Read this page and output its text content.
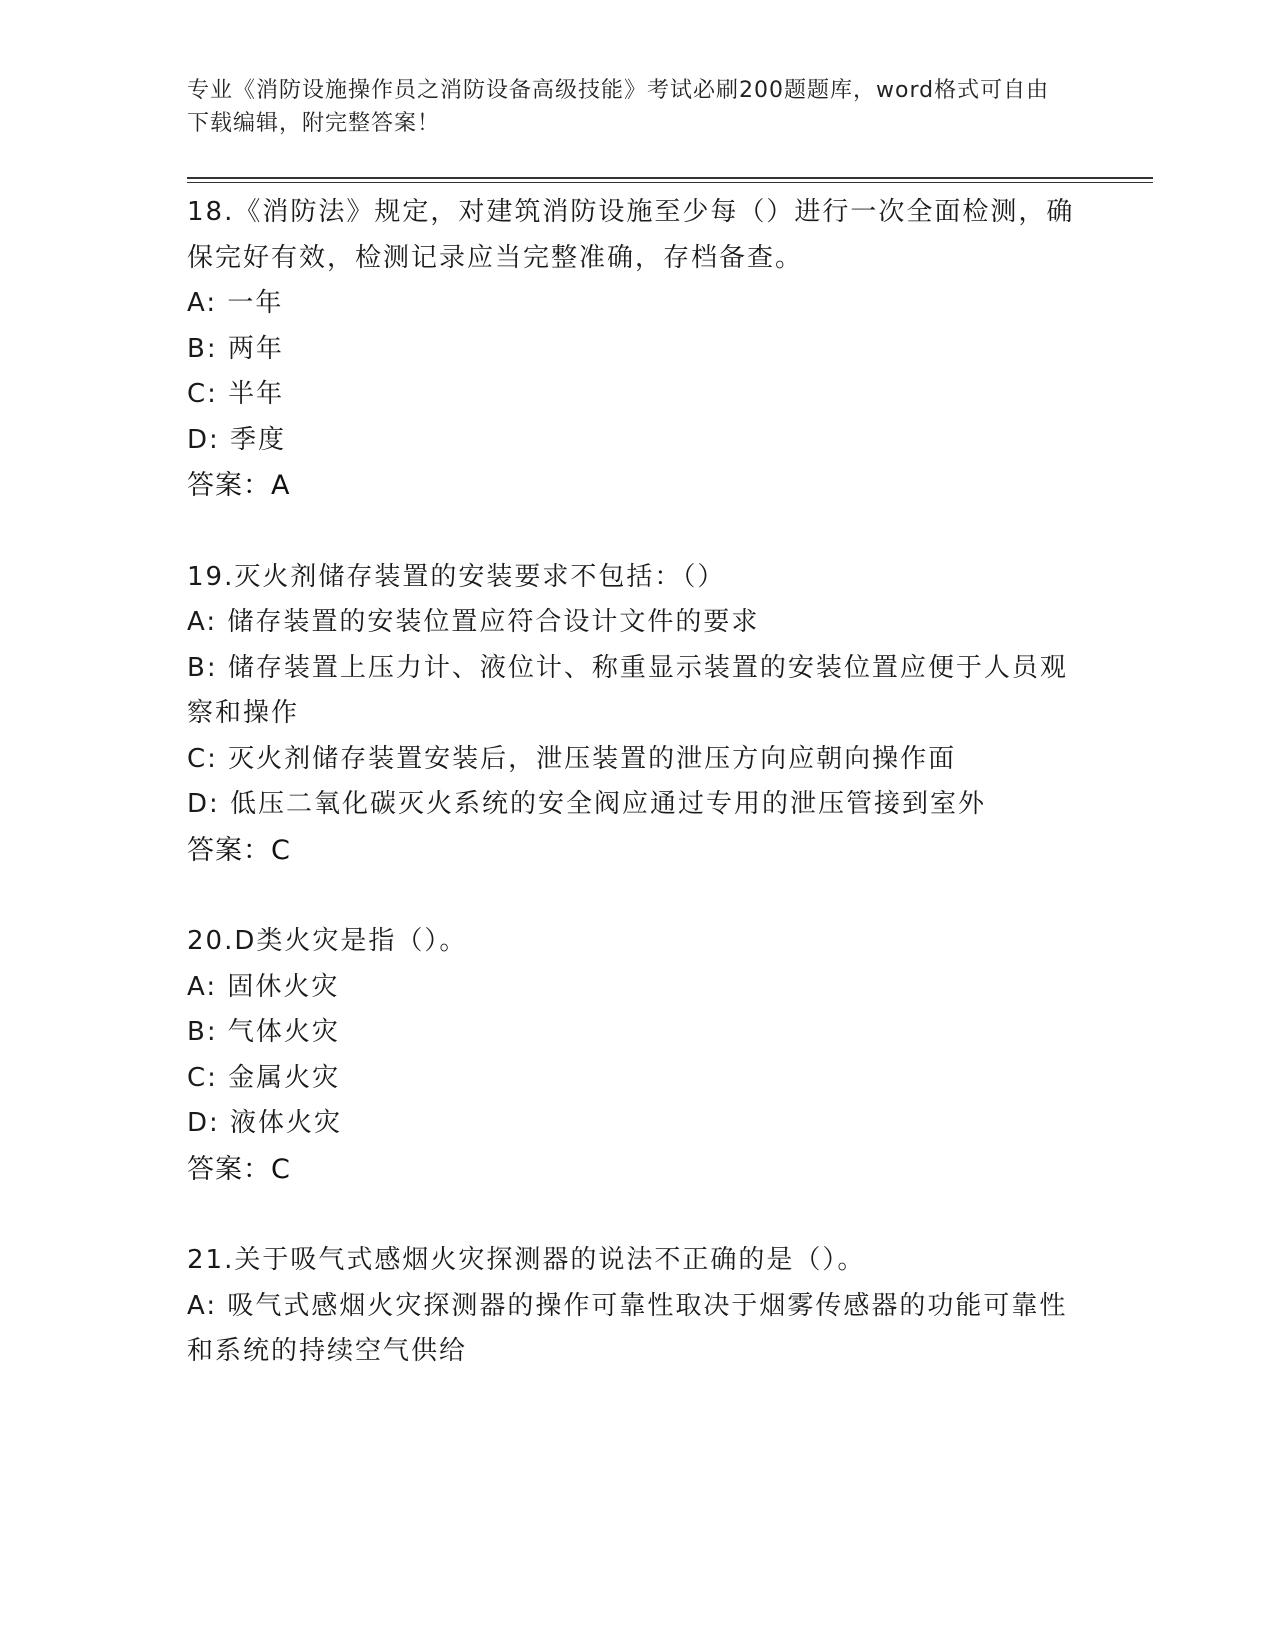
专业《消防设施操作员之消防设备高级技能》考试必刷200题题库，word格式可自由下载编辑，附完整答案！
18.《消防法》规定，对建筑消防设施至少每（）进行一次全面检测，确保完好有效，检测记录应当完整准确，存档备查。
A: 一年
B: 两年
C: 半年
D: 季度
答案：A
19.灭火剂储存装置的安装要求不包括：（）
A: 储存装置的安装位置应符合设计文件的要求
B: 储存装置上压力计、液位计、称重显示装置的安装位置应便于人员观察和操作
C: 灭火剂储存装置安装后，泄压装置的泄压方向应朝向操作面
D: 低压二氧化碳灭火系统的安全阀应通过专用的泄压管接到室外
答案：C
20.D类火灾是指（）。
A: 固休火灾
B: 气体火灾
C: 金属火灾
D: 液体火灾
答案：C
21.关于吸气式感烟火灾探测器的说法不正确的是（）。
A: 吸气式感烟火灾探测器的操作可靠性取决于烟雾传感器的功能可靠性和系统的持续空气供给
